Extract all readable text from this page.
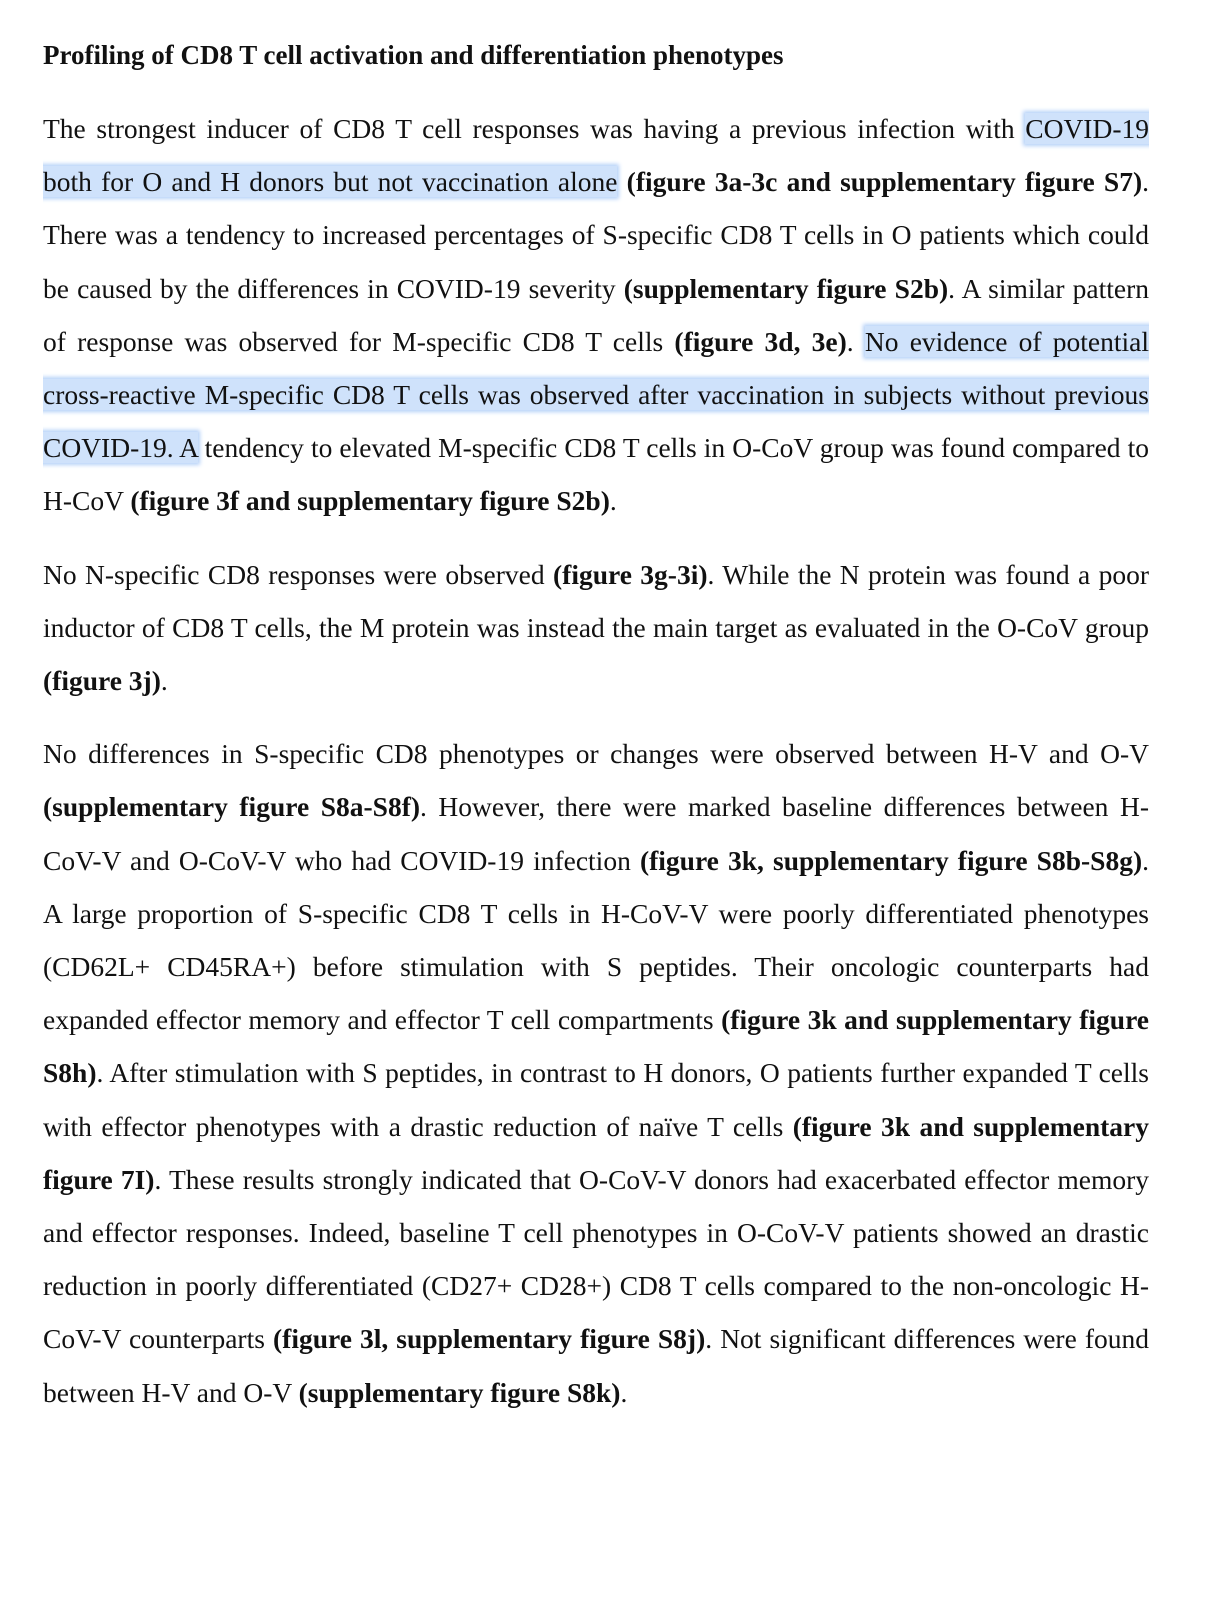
Profiling of CD8 T cell activation and differentiation phenotypes

The strongest inducer of CD8 T cell responses was having a previous infection with COVID-19 both for O and H donors but not vaccination alone (figure 3a-3c and supplementary figure S7). There was a tendency to increased percentages of S-specific CD8 T cells in O patients which could be caused by the differences in COVID-19 severity (supplementary figure S2b). A similar pattern of response was observed for M-specific CD8 T cells (figure 3d, 3e). No evidence of potential cross-reactive M-specific CD8 T cells was observed after vaccination in subjects without previous COVID-19. A tendency to elevated M-specific CD8 T cells in O-CoV group was found compared to H-CoV (figure 3f and supplementary figure S2b).

No N-specific CD8 responses were observed (figure 3g-3i). While the N protein was found a poor inductor of CD8 T cells, the M protein was instead the main target as evaluated in the O-CoV group (figure 3j).

No differences in S-specific CD8 phenotypes or changes were observed between H-V and O-V (supplementary figure S8a-S8f). However, there were marked baseline differences between H-CoV-V and O-CoV-V who had COVID-19 infection (figure 3k, supplementary figure S8b-S8g). A large proportion of S-specific CD8 T cells in H-CoV-V were poorly differentiated phenotypes (CD62L+ CD45RA+) before stimulation with S peptides. Their oncologic counterparts had expanded effector memory and effector T cell compartments (figure 3k and supplementary figure S8h). After stimulation with S peptides, in contrast to H donors, O patients further expanded T cells with effector phenotypes with a drastic reduction of naïve T cells (figure 3k and supplementary figure 7I). These results strongly indicated that O-CoV-V donors had exacerbated effector memory and effector responses. Indeed, baseline T cell phenotypes in O-CoV-V patients showed an drastic reduction in poorly differentiated (CD27+ CD28+) CD8 T cells compared to the non-oncologic H-CoV-V counterparts (figure 3l, supplementary figure S8j). Not significant differences were found between H-V and O-V (supplementary figure S8k).
